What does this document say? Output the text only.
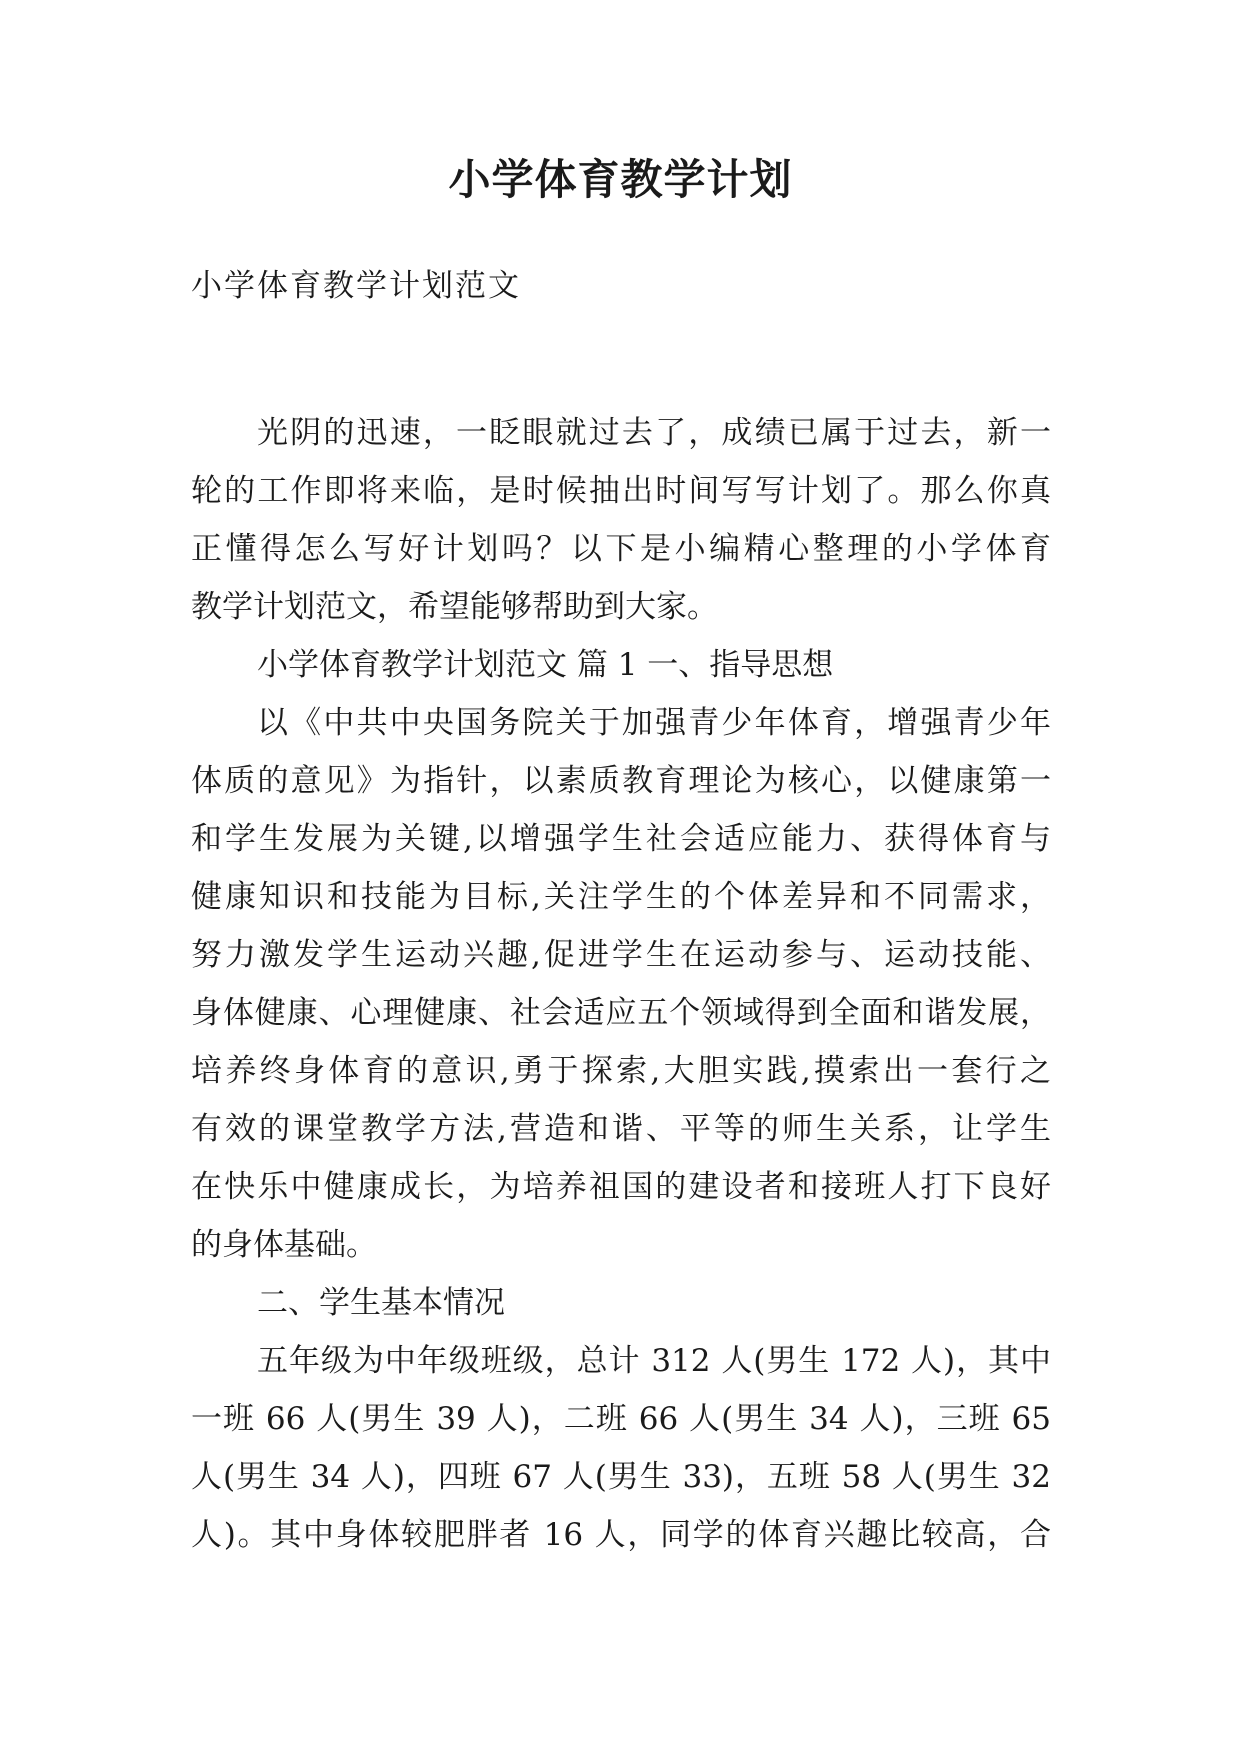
小学体育教学计划
小学体育教学计划范文
光阴的迅速，一眨眼就过去了，成绩已属于过去，新一
轮的工作即将来临，是时候抽出时间写写计划了。那么你真
正懂得怎么写好计划吗？以下是小编精心整理的小学体育
教学计划范文，希望能够帮助到大家。
小学体育教学计划范文 篇 1 一、指导思想
以《中共中央国务院关于加强青少年体育，增强青少年
体质的意见》为指针，以素质教育理论为核心，以健康第一
和学生发展为关键,以增强学生社会适应能力、获得体育与
健康知识和技能为目标,关注学生的个体差异和不同需求，
努力激发学生运动兴趣,促进学生在运动参与、运动技能、
身体健康、心理健康、社会适应五个领域得到全面和谐发展，
培养终身体育的意识,勇于探索,大胆实践,摸索出一套行之
有效的课堂教学方法,营造和谐、平等的师生关系，让学生
在快乐中健康成长，为培养祖国的建设者和接班人打下良好
的身体基础。
二、学生基本情况
五年级为中年级班级，总计 312 人(男生 172 人)，其中
一班 66 人(男生 39 人)，二班 66 人(男生 34 人)，三班 65
人(男生 34 人)，四班 67 人(男生 33)，五班 58 人(男生 32
人)。其中身体较肥胖者 16 人，同学的体育兴趣比较高，合
